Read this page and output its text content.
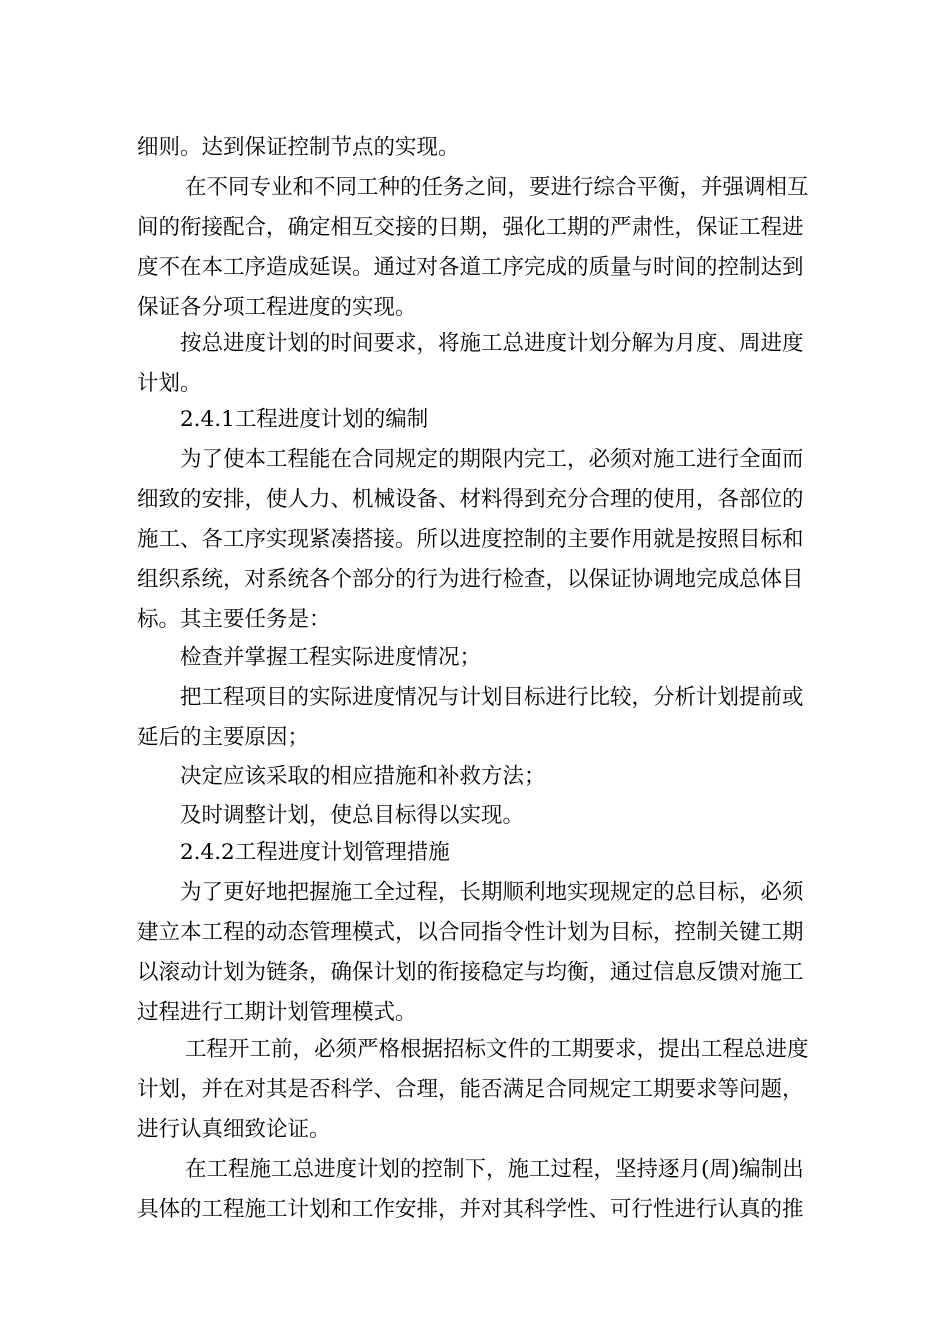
细则。达到保证控制节点的实现。
在不同专业和不同工种的任务之间，要进行综合平衡，并强调相互
间的衔接配合，确定相互交接的日期，强化工期的严肃性，保证工程进
度不在本工序造成延误。通过对各道工序完成的质量与时间的控制达到
保证各分项工程进度的实现。
按总进度计划的时间要求，将施工总进度计划分解为月度、周进度
计划。
2.4.1工程进度计划的编制
为了使本工程能在合同规定的期限内完工，必须对施工进行全面而
细致的安排，使人力、机械设备、材料得到充分合理的使用，各部位的
施工、各工序实现紧凑搭接。所以进度控制的主要作用就是按照目标和
组织系统，对系统各个部分的行为进行检查，以保证协调地完成总体目
标。其主要任务是：
检查并掌握工程实际进度情况；
把工程项目的实际进度情况与计划目标进行比较，分析计划提前或
延后的主要原因；
决定应该采取的相应措施和补救方法；
及时调整计划，使总目标得以实现。
2.4.2工程进度计划管理措施
为了更好地把握施工全过程，长期顺利地实现规定的总目标，必须
建立本工程的动态管理模式，以合同指令性计划为目标，控制关键工期
以滚动计划为链条，确保计划的衔接稳定与均衡，通过信息反馈对施工
过程进行工期计划管理模式。
工程开工前，必须严格根据招标文件的工期要求，提出工程总进度
计划，并在对其是否科学、合理，能否满足合同规定工期要求等问题，
进行认真细致论证。
在工程施工总进度计划的控制下，施工过程，坚持逐月(周)编制出
具体的工程施工计划和工作安排，并对其科学性、可行性进行认真的推
